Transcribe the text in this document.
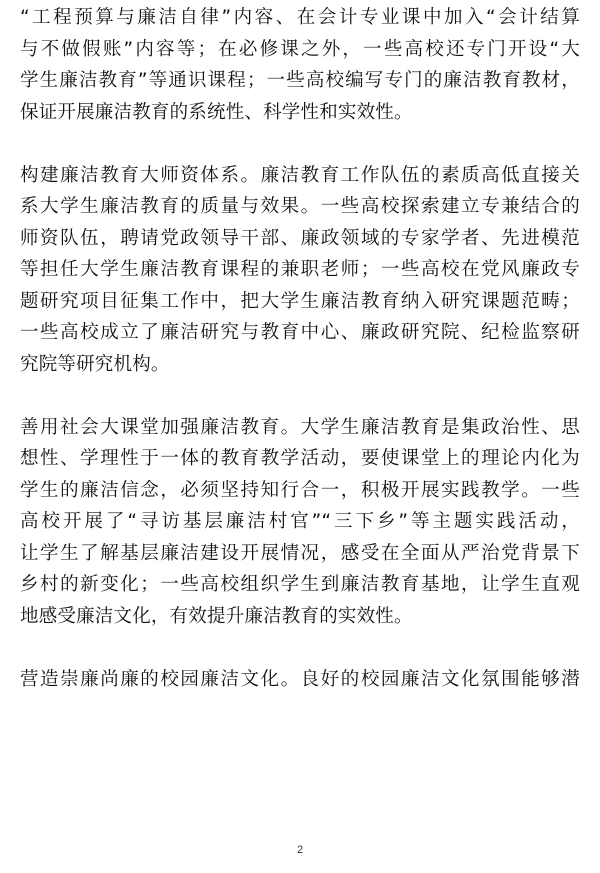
“工程预算与廉洁自律”内容、在会计专业课中加入“会计结算
与不做假账”内容等；在必修课之外，一些高校还专门开设“大
学生廉洁教育”等通识课程；一些高校编写专门的廉洁教育教材，
保证开展廉洁教育的系统性、科学性和实效性。

构建廉洁教育大师资体系。廉洁教育工作队伍的素质高低直接关
系大学生廉洁教育的质量与效果。一些高校探索建立专兼结合的
师资队伍，聘请党政领导干部、廉政领域的专家学者、先进模范
等担任大学生廉洁教育课程的兼职老师；一些高校在党风廉政专
题研究项目征集工作中，把大学生廉洁教育纳入研究课题范畴；
一些高校成立了廉洁研究与教育中心、廉政研究院、纪检监察研
究院等研究机构。

善用社会大课堂加强廉洁教育。大学生廉洁教育是集政治性、思
想性、学理性于一体的教育教学活动，要使课堂上的理论内化为
学生的廉洁信念，必须坚持知行合一，积极开展实践教学。一些
高校开展了“寻访基层廉洁村官”“三下乡”等主题实践活动，
让学生了解基层廉洁建设开展情况，感受在全面从严治党背景下
乡村的新变化；一些高校组织学生到廉洁教育基地，让学生直观
地感受廉洁文化，有效提升廉洁教育的实效性。

营造崇廉尚廉的校园廉洁文化。良好的校园廉洁文化氛围能够潜

2
